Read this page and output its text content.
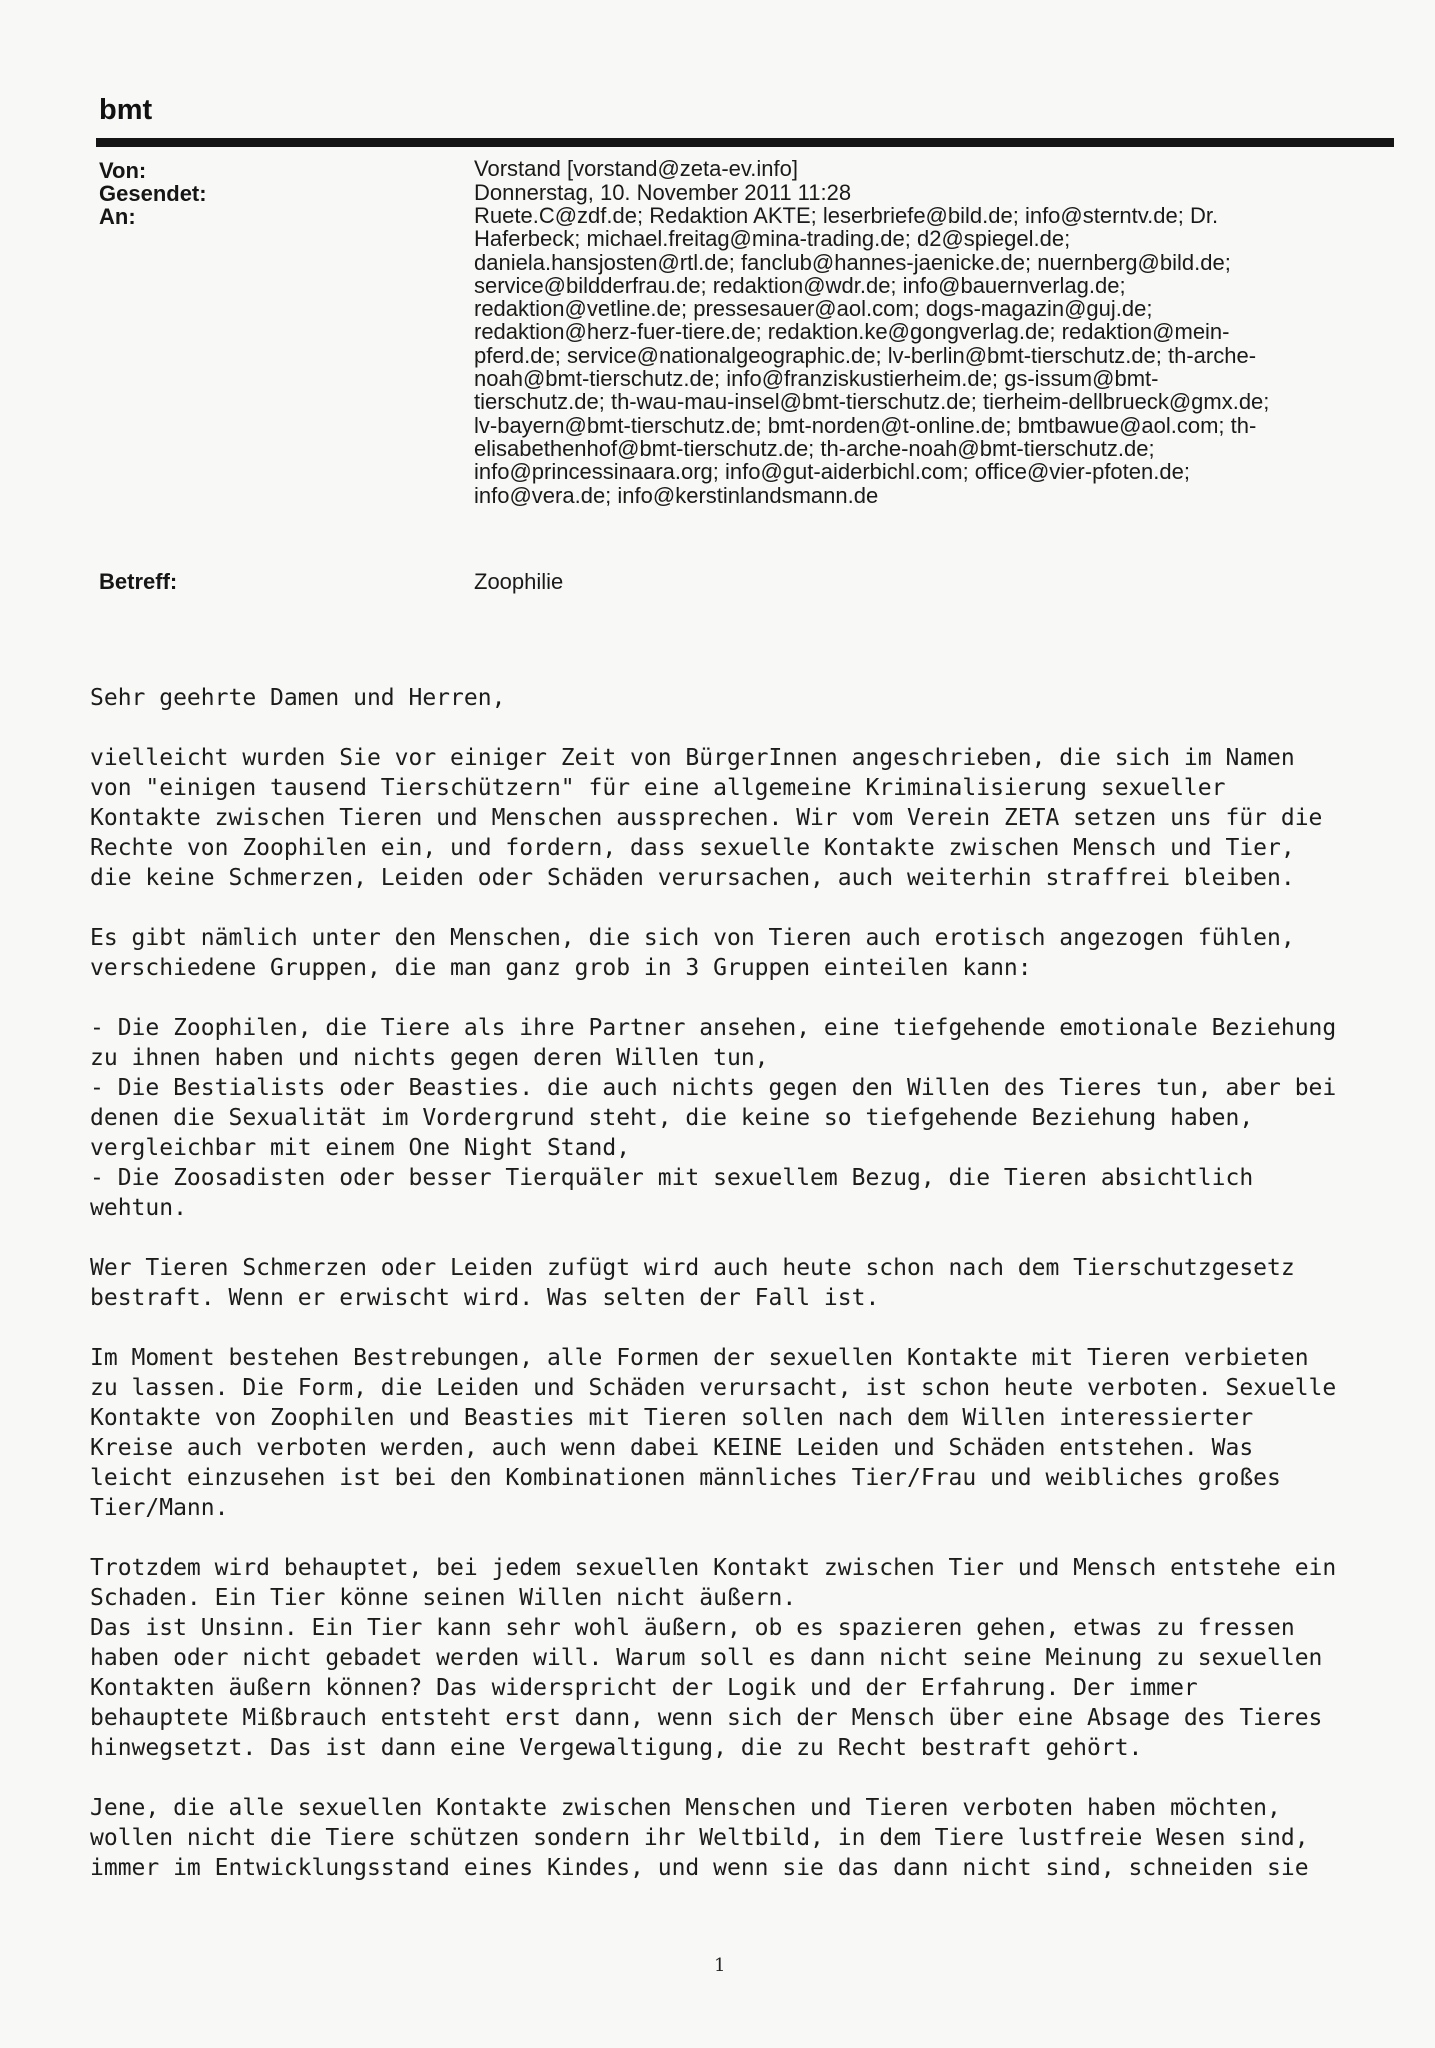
bmt
Von:	Vorstand [vorstand@zeta-ev.info]
Gesendet:	Donnerstag, 10. November 2011 11:28
An:	Ruete.C@zdf.de; Redaktion AKTE; leserbriefe@bild.de; info@sterntv.de; Dr.
Haferbeck; michael.freitag@mina-trading.de; d2@spiegel.de;
daniela.hansjosten@rtl.de; fanclub@hannes-jaenicke.de; nuernberg@bild.de;
service@bildderfrau.de; redaktion@wdr.de; info@bauernverlag.de;
redaktion@vetline.de; pressesauer@aol.com; dogs-magazin@guj.de;
redaktion@herz-fuer-tiere.de; redaktion.ke@gongverlag.de; redaktion@mein-
pferd.de; service@nationalgeographic.de; lv-berlin@bmt-tierschutz.de; th-arche-
noah@bmt-tierschutz.de; info@franziskustierheim.de; gs-issum@bmt-
tierschutz.de; th-wau-mau-insel@bmt-tierschutz.de; tierheim-dellbrueck@gmx.de;
lv-bayern@bmt-tierschutz.de; bmt-norden@t-online.de; bmtbawue@aol.com; th-
elisabethenhof@bmt-tierschutz.de; th-arche-noah@bmt-tierschutz.de;
info@princessinaara.org; info@gut-aiderbichl.com; office@vier-pfoten.de;
info@vera.de; info@kerstinlandsmann.de
Betreff:	Zoophilie
Sehr geehrte Damen und Herren,
vielleicht wurden Sie vor einiger Zeit von BürgerInnen angeschrieben, die sich im Namen
von "einigen tausend Tierschützern" für eine allgemeine Kriminalisierung sexueller
Kontakte zwischen Tieren und Menschen aussprechen. Wir vom Verein ZETA setzen uns für die
Rechte von Zoophilen ein, und fordern, dass sexuelle Kontakte zwischen Mensch und Tier,
die keine Schmerzen, Leiden oder Schäden verursachen, auch weiterhin straffrei bleiben.
Es gibt nämlich unter den Menschen, die sich von Tieren auch erotisch angezogen fühlen,
verschiedene Gruppen, die man ganz grob in 3 Gruppen einteilen kann:
- Die Zoophilen, die Tiere als ihre Partner ansehen, eine tiefgehende emotionale Beziehung
zu ihnen haben und nichts gegen deren Willen tun,
- Die Bestialists oder Beasties. die auch nichts gegen den Willen des Tieres tun, aber bei
denen die Sexualität im Vordergrund steht, die keine so tiefgehende Beziehung haben,
vergleichbar mit einem One Night Stand,
- Die Zoosadisten oder besser Tierquäler mit sexuellem Bezug, die Tieren absichtlich
wehtun.
Wer Tieren Schmerzen oder Leiden zufügt wird auch heute schon nach dem Tierschutzgesetz
bestraft. Wenn er erwischt wird. Was selten der Fall ist.
Im Moment bestehen Bestrebungen, alle Formen der sexuellen Kontakte mit Tieren verbieten
zu lassen. Die Form, die Leiden und Schäden verursacht, ist schon heute verboten. Sexuelle
Kontakte von Zoophilen und Beasties mit Tieren sollen nach dem Willen interessierter
Kreise auch verboten werden, auch wenn dabei KEINE Leiden und Schäden entstehen. Was
leicht einzusehen ist bei den Kombinationen männliches Tier/Frau und weibliches großes
Tier/Mann.
Trotzdem wird behauptet, bei jedem sexuellen Kontakt zwischen Tier und Mensch entstehe ein
Schaden. Ein Tier könne seinen Willen nicht äußern.
Das ist Unsinn. Ein Tier kann sehr wohl äußern, ob es spazieren gehen, etwas zu fressen
haben oder nicht gebadet werden will. Warum soll es dann nicht seine Meinung zu sexuellen
Kontakten äußern können? Das widerspricht der Logik und der Erfahrung. Der immer
behauptete Mißbrauch entsteht erst dann, wenn sich der Mensch über eine Absage des Tieres
hinwegsetzt. Das ist dann eine Vergewaltigung, die zu Recht bestraft gehört.
Jene, die alle sexuellen Kontakte zwischen Menschen und Tieren verboten haben möchten,
wollen nicht die Tiere schützen sondern ihr Weltbild, in dem Tiere lustfreie Wesen sind,
immer im Entwicklungsstand eines Kindes, und wenn sie das dann nicht sind, schneiden sie
1
